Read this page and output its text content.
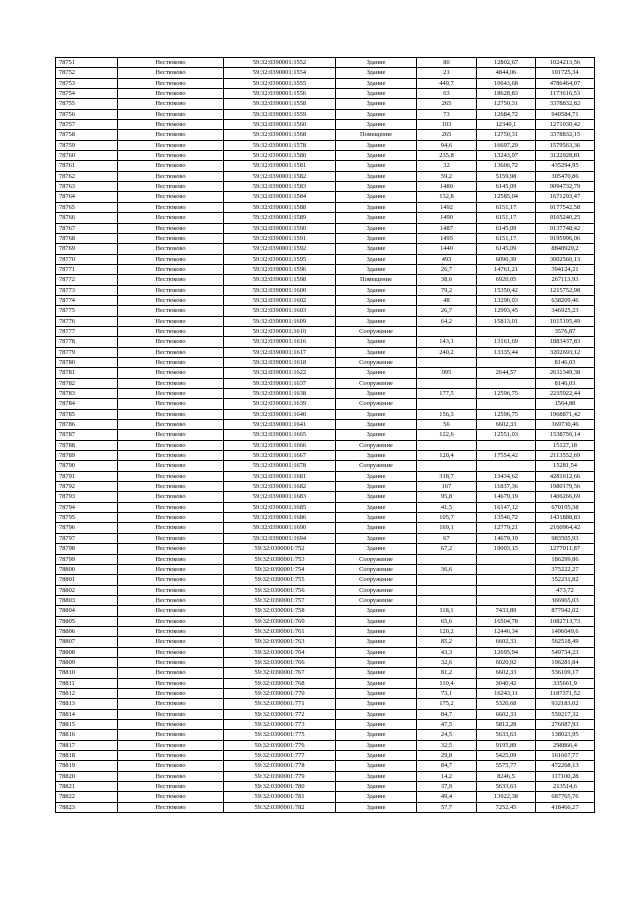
78751	Нестюково	59:32:0390001:1552	Здание	80	12802,67	1024213,56
78752	Нестюково	59:32:0390001:1554	Здание	21	4844,06	101725,34
78753	Нестюково	59:32:0390001:1555	Здание	449,7	10643,68	4786464,07
78754	Нестюково	59:32:0390001:1556	Здание	63	18628,83	1173616,53
78755	Нестюково	59:32:0390001:1558	Здание	265	12750,31	3378832,82
78756	Нестюково	59:32:0390001:1559	Здание	73	12684,72	940584,71
78757	Нестюково	59:32:0390001:1560	Здание	103	12340,1	1271030,42
78758	Нестюково	59:32:0390001:1568	Помещение	265	12750,31	3378832,15
78759	Нестюково	59:32:0390001:1578	Здание	94,6	16697,29	1579563,36
78760	Нестюково	59:32:0390001:1580	Здание	235,8	13243,97	3122928,81
78761	Нестюково	59:32:0390001:1581	Здание	32	13606,72	435294,95
78762	Нестюково	59:32:0390001:1582	Здание	59,2	5159,98	305470,86
78763	Нестюково	59:32:0390001:1583	Здание	1480	6145,09	9094732,79
78764	Нестюково	59:32:0390001:1584	Здание	132,8	12585,04	1671293,47
78765	Нестюково	59:32:0390001:1588	Здание	1492	6151,17	9177542,58
78766	Нестюково	59:32:0390001:1589	Здание	1490	6151,17	9165240,25
78767	Нестюково	59:32:0390001:1590	Здание	1487	6145,09	9137748,42
78768	Нестюково	59:32:0390001:1591	Здание	1495	6151,17	9195996,06
78769	Нестюково	59:32:0390001:1592	Здание	1440	6145,09	8848929,2
78770	Нестюково	59:32:0390001:1595	Здание	493	6090,39	3002560,13
78771	Нестюково	59:32:0390001:1596	Здание	26,7	14761,21	394124,21
78772	Нестюково	59:32:0390001:1598	Помещение	38,6	6920,05	267113,93
78773	Нестюково	59:32:0390001:1600	Здание	79,2	15350,42	1215752,98
78774	Нестюково	59:32:0390001:1602	Здание	48	13296,03	638209,46
78775	Нестюково	59:32:0390001:1603	Здание	26,7	12993,45	346925,23
78776	Нестюково	59:32:0390001:1609	Здание	64,2	15813,01	1015195,49
78777	Нестюково	59:32:0390001:1610	Сооружение			3576,87
78778	Нестюково	59:32:0390001:1616	Здание	143,1	13161,69	1883437,83
78779	Нестюково	59:32:0390001:1617	Здание	240,2	13335,44	3202693,12
78780	Нестюково	59:32:0390001:1618	Сооружение			8146,03
78781	Нестюково	59:32:0390001:1622	Здание	995	2644,57	2631349,38
78782	Нестюково	59:32:0390001:1637	Сооружение			8146,03
78783	Нестюково	59:32:0390001:1638	Здание	177,5	12596,75	2235922,44
78784	Нестюково	59:32:0390001:1639	Сооружение			1564,88
78785	Нестюково	59:32:0390001:1640	Здание	156,3	12596,75	1968871,42
78786	Нестюково	59:32:0390001:1641	Здание	56	6602,33	369730,46
78787	Нестюково	59:32:0390001:1665	Здание	122,6	12551,03	1538756,14
78788	Нестюково	59:32:0390001:1666	Сооружение			15127,18
78789	Нестюково	59:32:0390001:1667	Здание	120,4	17554,42	2113552,69
78790	Нестюково	59:32:0390001:1678	Сооружение			15281,54
78791	Нестюково	59:32:0390001:1681	Здание	318,7	13434,62	4281612,66
78792	Нестюково	59:32:0390001:1682	Здание	167	11837,36	1980179,56
78793	Нестюково	59:32:0390001:1683	Здание	95,8	14679,19	1406266,69
78794	Нестюково	59:32:0390001:1685	Здание	41,5	16147,12	670105,38
78795	Нестюково	59:32:0390001:1686	Здание	105,7	13546,72	1431888,83
78796	Нестюково	59:32:0390001:1690	Здание	169,1	12779,21	2160964,42
78797	Нестюково	59:32:0390001:1694	Здание	67	14679,19	983505,93
78798	Нестюково	59:32:0390001:752	Здание	67,2	19003,15	1277011,87
78799	Нестюково	59:32:0390001:753	Сооружение			186299,86
78800	Нестюково	59:32:0390001:754	Сооружение	36,6		375222,27
78801	Нестюково	59:32:0390001:755	Сооружение			352231,82
78802	Нестюково	59:32:0390001:756	Сооружение			473,72
78803	Нестюково	59:32:0390001:757	Сооружение			366965,03
78804	Нестюково	59:32:0390001:758	Здание	118,1	7433,89	877942,02
78805	Нестюково	59:32:0390001:760	Здание	65,6	16504,78	1082713,73
78806	Нестюково	59:32:0390001:761	Здание	120,2	12446,34	1496049,6
78807	Нестюково	59:32:0390001:763	Здание	85,2	6602,33	562518,49
78808	Нестюково	59:32:0390001:764	Здание	43,3	12695,94	549734,23
78809	Нестюково	59:32:0390001:766	Здание	32,6	6020,92	196281,84
78810	Нестюково	59:32:0390001:767	Здание	81,2	6602,33	536109,17
78811	Нестюково	59:32:0390001:768	Здание	110,4	3040,42	335661,9
78812	Нестюково	59:32:0390001:770	Здание	73,1	16243,11	1187371,52
78813	Нестюково	59:32:0390001:771	Здание	175,2	5320,68	932183,02
78814	Нестюково	59:32:0390001:772	Здание	84,7	6602,33	559217,32
78815	Нестюково	59:32:0390001:773	Здание	47,5	5812,28	276087,93
78816	Нестюково	59:32:0390001:775	Здание	24,5	5633,63	138023,95
78817	Нестюково	59:32:0390001:776	Здание	32,5	9195,89	298866,4
78818	Нестюково	59:32:0390001:777	Здание	29,8	5425,09	161667,77
78819	Нестюково	59:32:0390001:778	Здание	84,7	5575,77	472268,13
78820	Нестюково	59:32:0390001:779	Здание	14,2	8246,5	117100,28
78821	Нестюково	59:32:0390001:780	Здание	37,9	5633,63	213514,6
78822	Нестюково	59:32:0390001:781	Здание	49,4	13922,38	687765,76
78823	Нестюково	59:32:0390001:782	Здание	57,7	7252,45	418466,27
